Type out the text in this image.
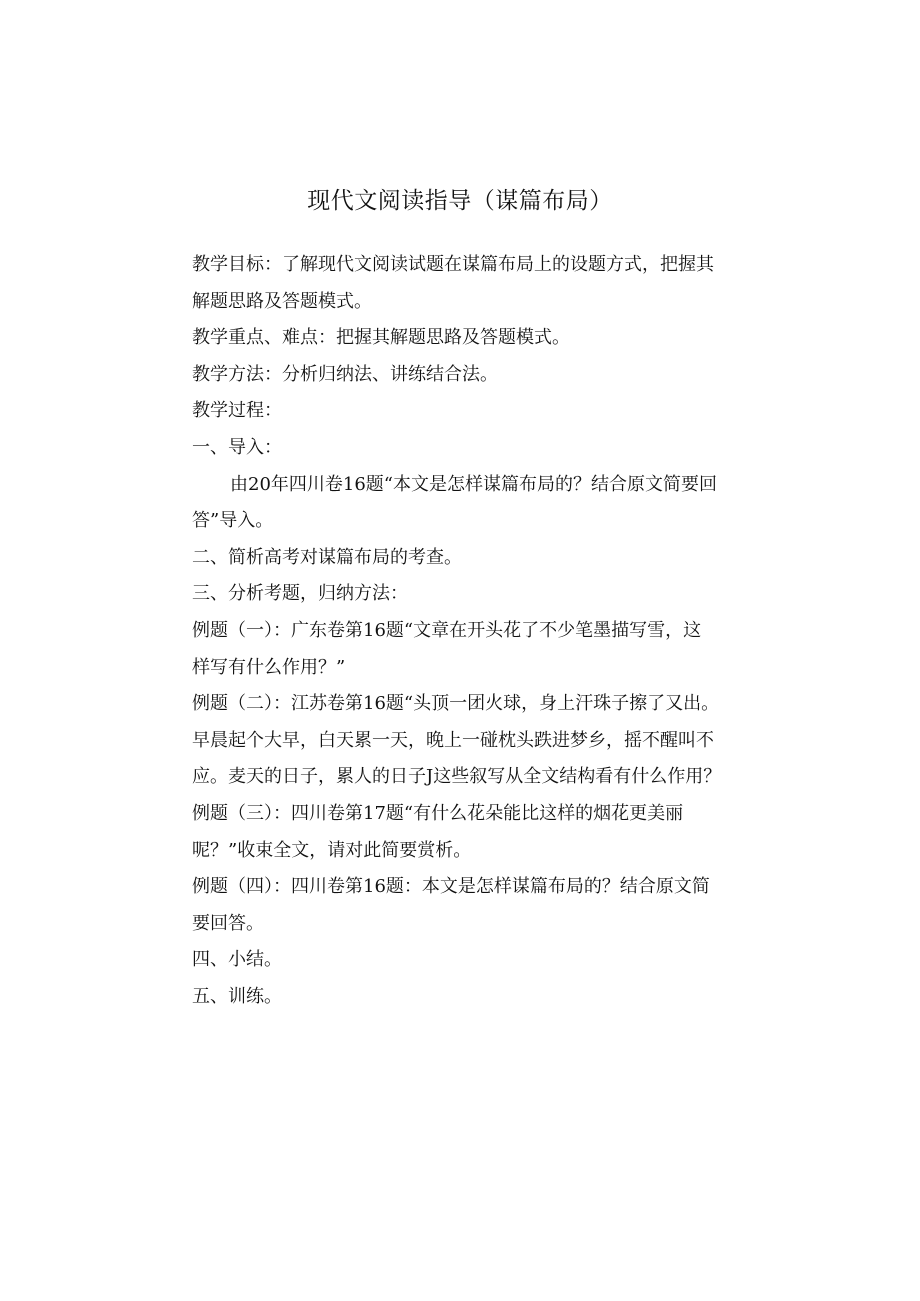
现代文阅读指导（谋篇布局）

教学目标：了解现代文阅读试题在谋篇布局上的设题方式，把握其

解题思路及答题模式。

教学重点、难点：把握其解题思路及答题模式。

教学方法：分析归纳法、讲练结合法。

教学过程：

一、导入：

由20年四川卷16题“本文是怎样谋篇布局的？结合原文简要回

答”导入。

二、简析高考对谋篇布局的考查。

三、分析考题，归纳方法：

例题（一）：广东卷第16题“文章在开头花了不少笔墨描写雪，这

样写有什么作用？”

例题（二）：江苏卷第16题“头顶一团火球，身上汗珠子擦了又出。

早晨起个大早，白天累一天，晚上一碰枕头跌进梦乡，摇不醒叫不

应。麦天的日子，累人的日子J这些叙写从全文结构看有什么作用？

例题（三）：四川卷第17题“有什么花朵能比这样的烟花更美丽

呢？”收束全文，请对此简要赏析。

例题（四）：四川卷第16题：本文是怎样谋篇布局的？结合原文简

要回答。

四、小结。

五、训练。
